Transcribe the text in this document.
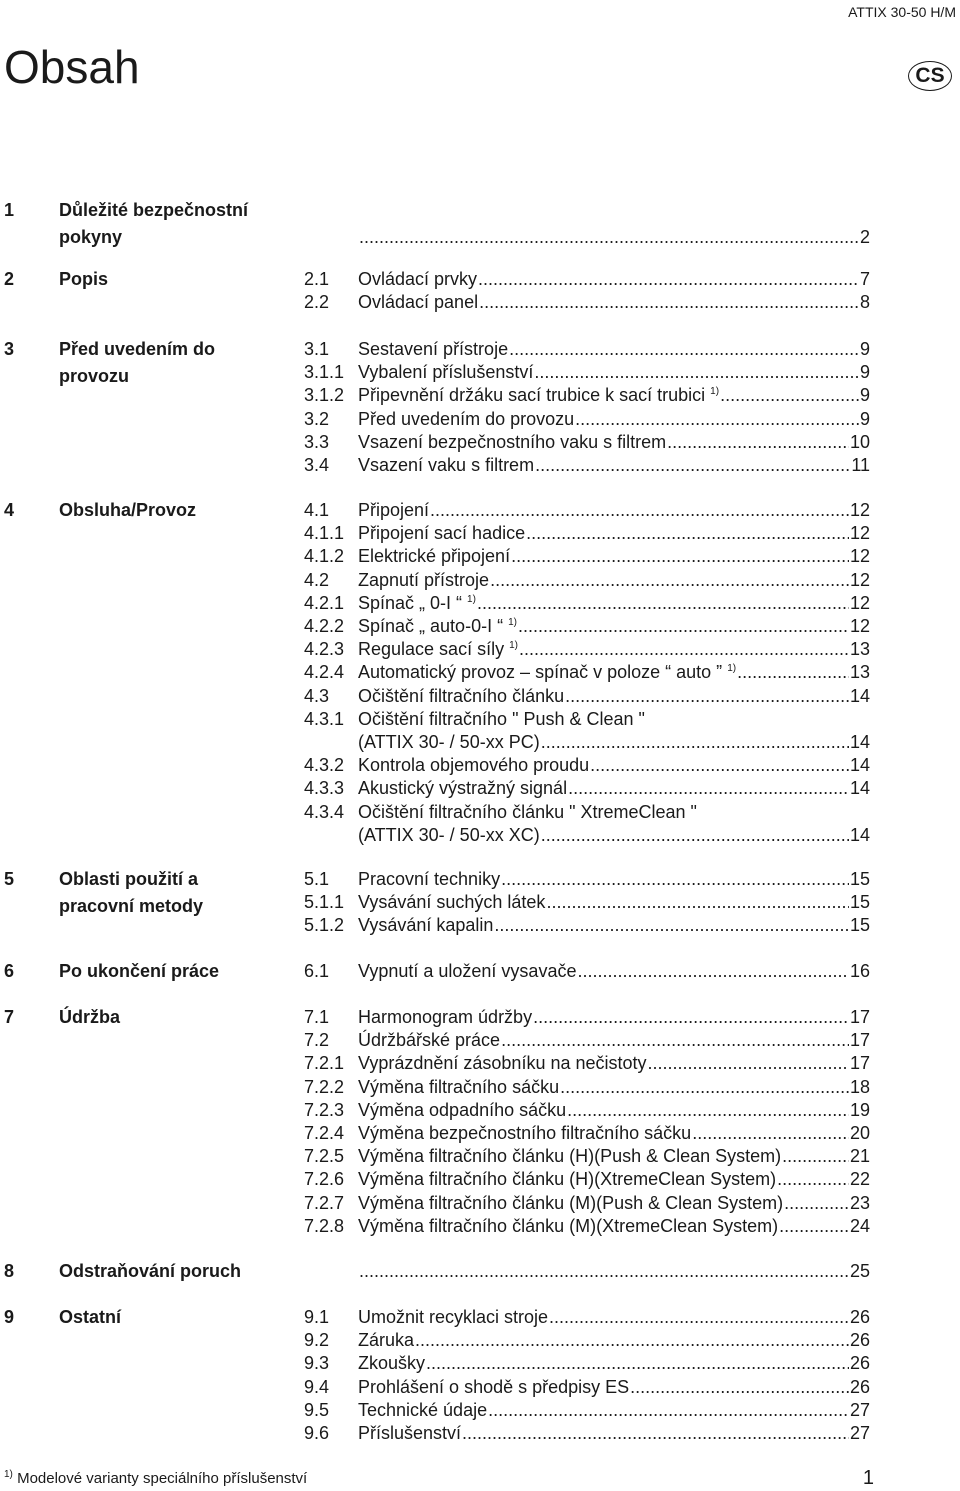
ATTIX 30-50 H/M
Obsah	CS
1 Důležité bezpečnostní
pokyny .....	2
2 Popis	2.1 Ovládací prvky .....	7
2.2 Ovládací panel .....	8
3 Před uvedením do
provozu
3.1 Sestavení přístroje .....	9
3.1.1 Vybalení příslušenství .....	9
3.1.2 Připevnění držáku sací trubice k sací trubici $^{1)}$ .....	9
3.2 Před uvedením do provozu .....	9
3.3 Vsazení bezpečnostního vaku s filtrem .....	10
3.4 Vsazení vaku s filtrem .....	11
4 Obsluha/Provoz	4.1 Připojení .....	12
4.1.1 Připojení sací hadice .....	12
4.1.2 Elektrické připojení .....	12
4.2 Zapnutí přístroje .....	12
4.2.1 Spínač „ 0-I “ $^{1)}$ .....	12
4.2.2 Spínač „ auto-0-I “ $^{1)}$ .....	12
4.2.3 Regulace sací síly $^{1)}$ .....	13
4.2.4 Automatický provoz – spínač v poloze “ auto ” $^{1)}$ .....	13
4.3 Očištění filtračního článku .....	14
4.3.1 Očištění filtračního " Push & Clean "
(ATTIX 30- / 50-xx PC) .....	14
4.3.2 Kontrola objemového proudu .....	14
4.3.3 Akustický výstražný signál .....	14
4.3.4 Očištění filtračního článku " XtremeClean "
(ATTIX 30- / 50-xx XC) .....	14
5 Oblasti použití a
pracovní metody
5.1 Pracovní techniky .....	15
5.1.1 Vysávání suchých látek .....	15
5.1.2 Vysávání kapalin .....	15
6 Po ukončení práce	6.1 Vypnutí a uložení vysavače .....	16
7 Údržba	7.1 Harmonogram údržby .....	17
7.2 Údržbářské práce .....	17
7.2.1 Vyprázdnění zásobníku na nečistoty .....	17
7.2.2 Výměna filtračního sáčku .....	18
7.2.3 Výměna odpadního sáčku .....	19
7.2.4 Výměna bezpečnostního filtračního sáčku .....	20
7.2.5 Výměna filtračního článku (H)(Push & Clean System) .....	21
7.2.6 Výměna filtračního článku (H)(XtremeClean System) .....	22
7.2.7 Výměna filtračního článku (M)(Push & Clean System) .....	23
7.2.8 Výměna filtračního článku (M)(XtremeClean System) .....	24
8 Odstraňování poruch .....	25
9 Ostatní	9.1 Umožnit recyklaci stroje .....	26
9.2 Záruka .....	26
9.3 Zkoušky .....	26
9.4 Prohlášení o shodě s předpisy ES .....	26
9.5 Technické údaje .....	27
9.6 Příslušenství .....	27
$^{1)}$ Modelové varianty speciálního příslušenství	1
